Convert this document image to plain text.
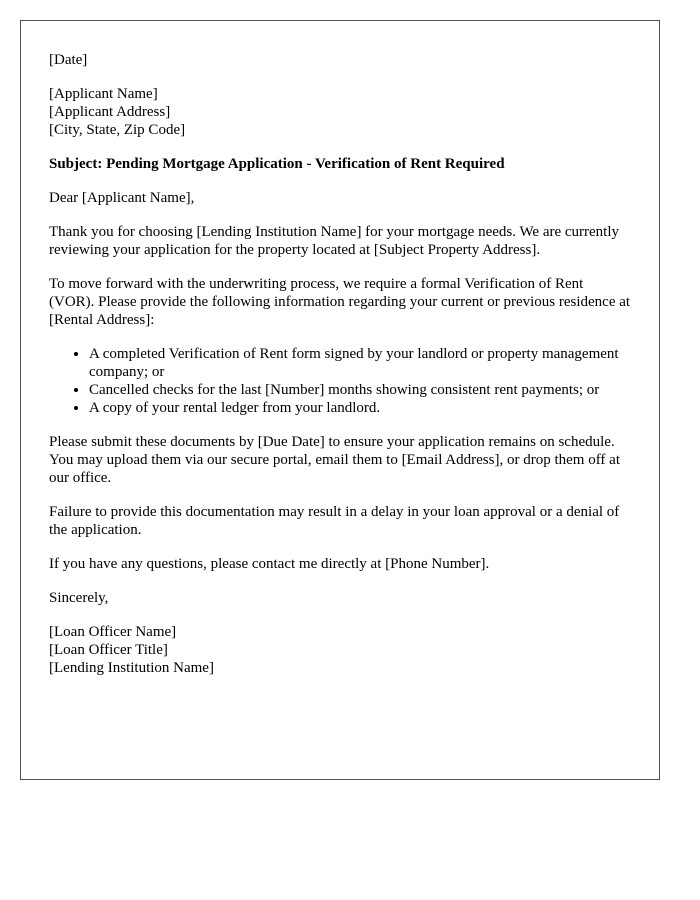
[Date]

[Applicant Name]
[Applicant Address]
[City, State, Zip Code]

Subject: Pending Mortgage Application - Verification of Rent Required

Dear [Applicant Name],

Thank you for choosing [Lending Institution Name] for your mortgage needs. We are currently reviewing your application for the property located at [Subject Property Address].

To move forward with the underwriting process, we require a formal Verification of Rent (VOR). Please provide the following information regarding your current or previous residence at [Rental Address]:

• A completed Verification of Rent form signed by your landlord or property management company; or
• Cancelled checks for the last [Number] months showing consistent rent payments; or
• A copy of your rental ledger from your landlord.

Please submit these documents by [Due Date] to ensure your application remains on schedule. You may upload them via our secure portal, email them to [Email Address], or drop them off at our office.

Failure to provide this documentation may result in a delay in your loan approval or a denial of the application.

If you have any questions, please contact me directly at [Phone Number].

Sincerely,

[Loan Officer Name]
[Loan Officer Title]
[Lending Institution Name]
